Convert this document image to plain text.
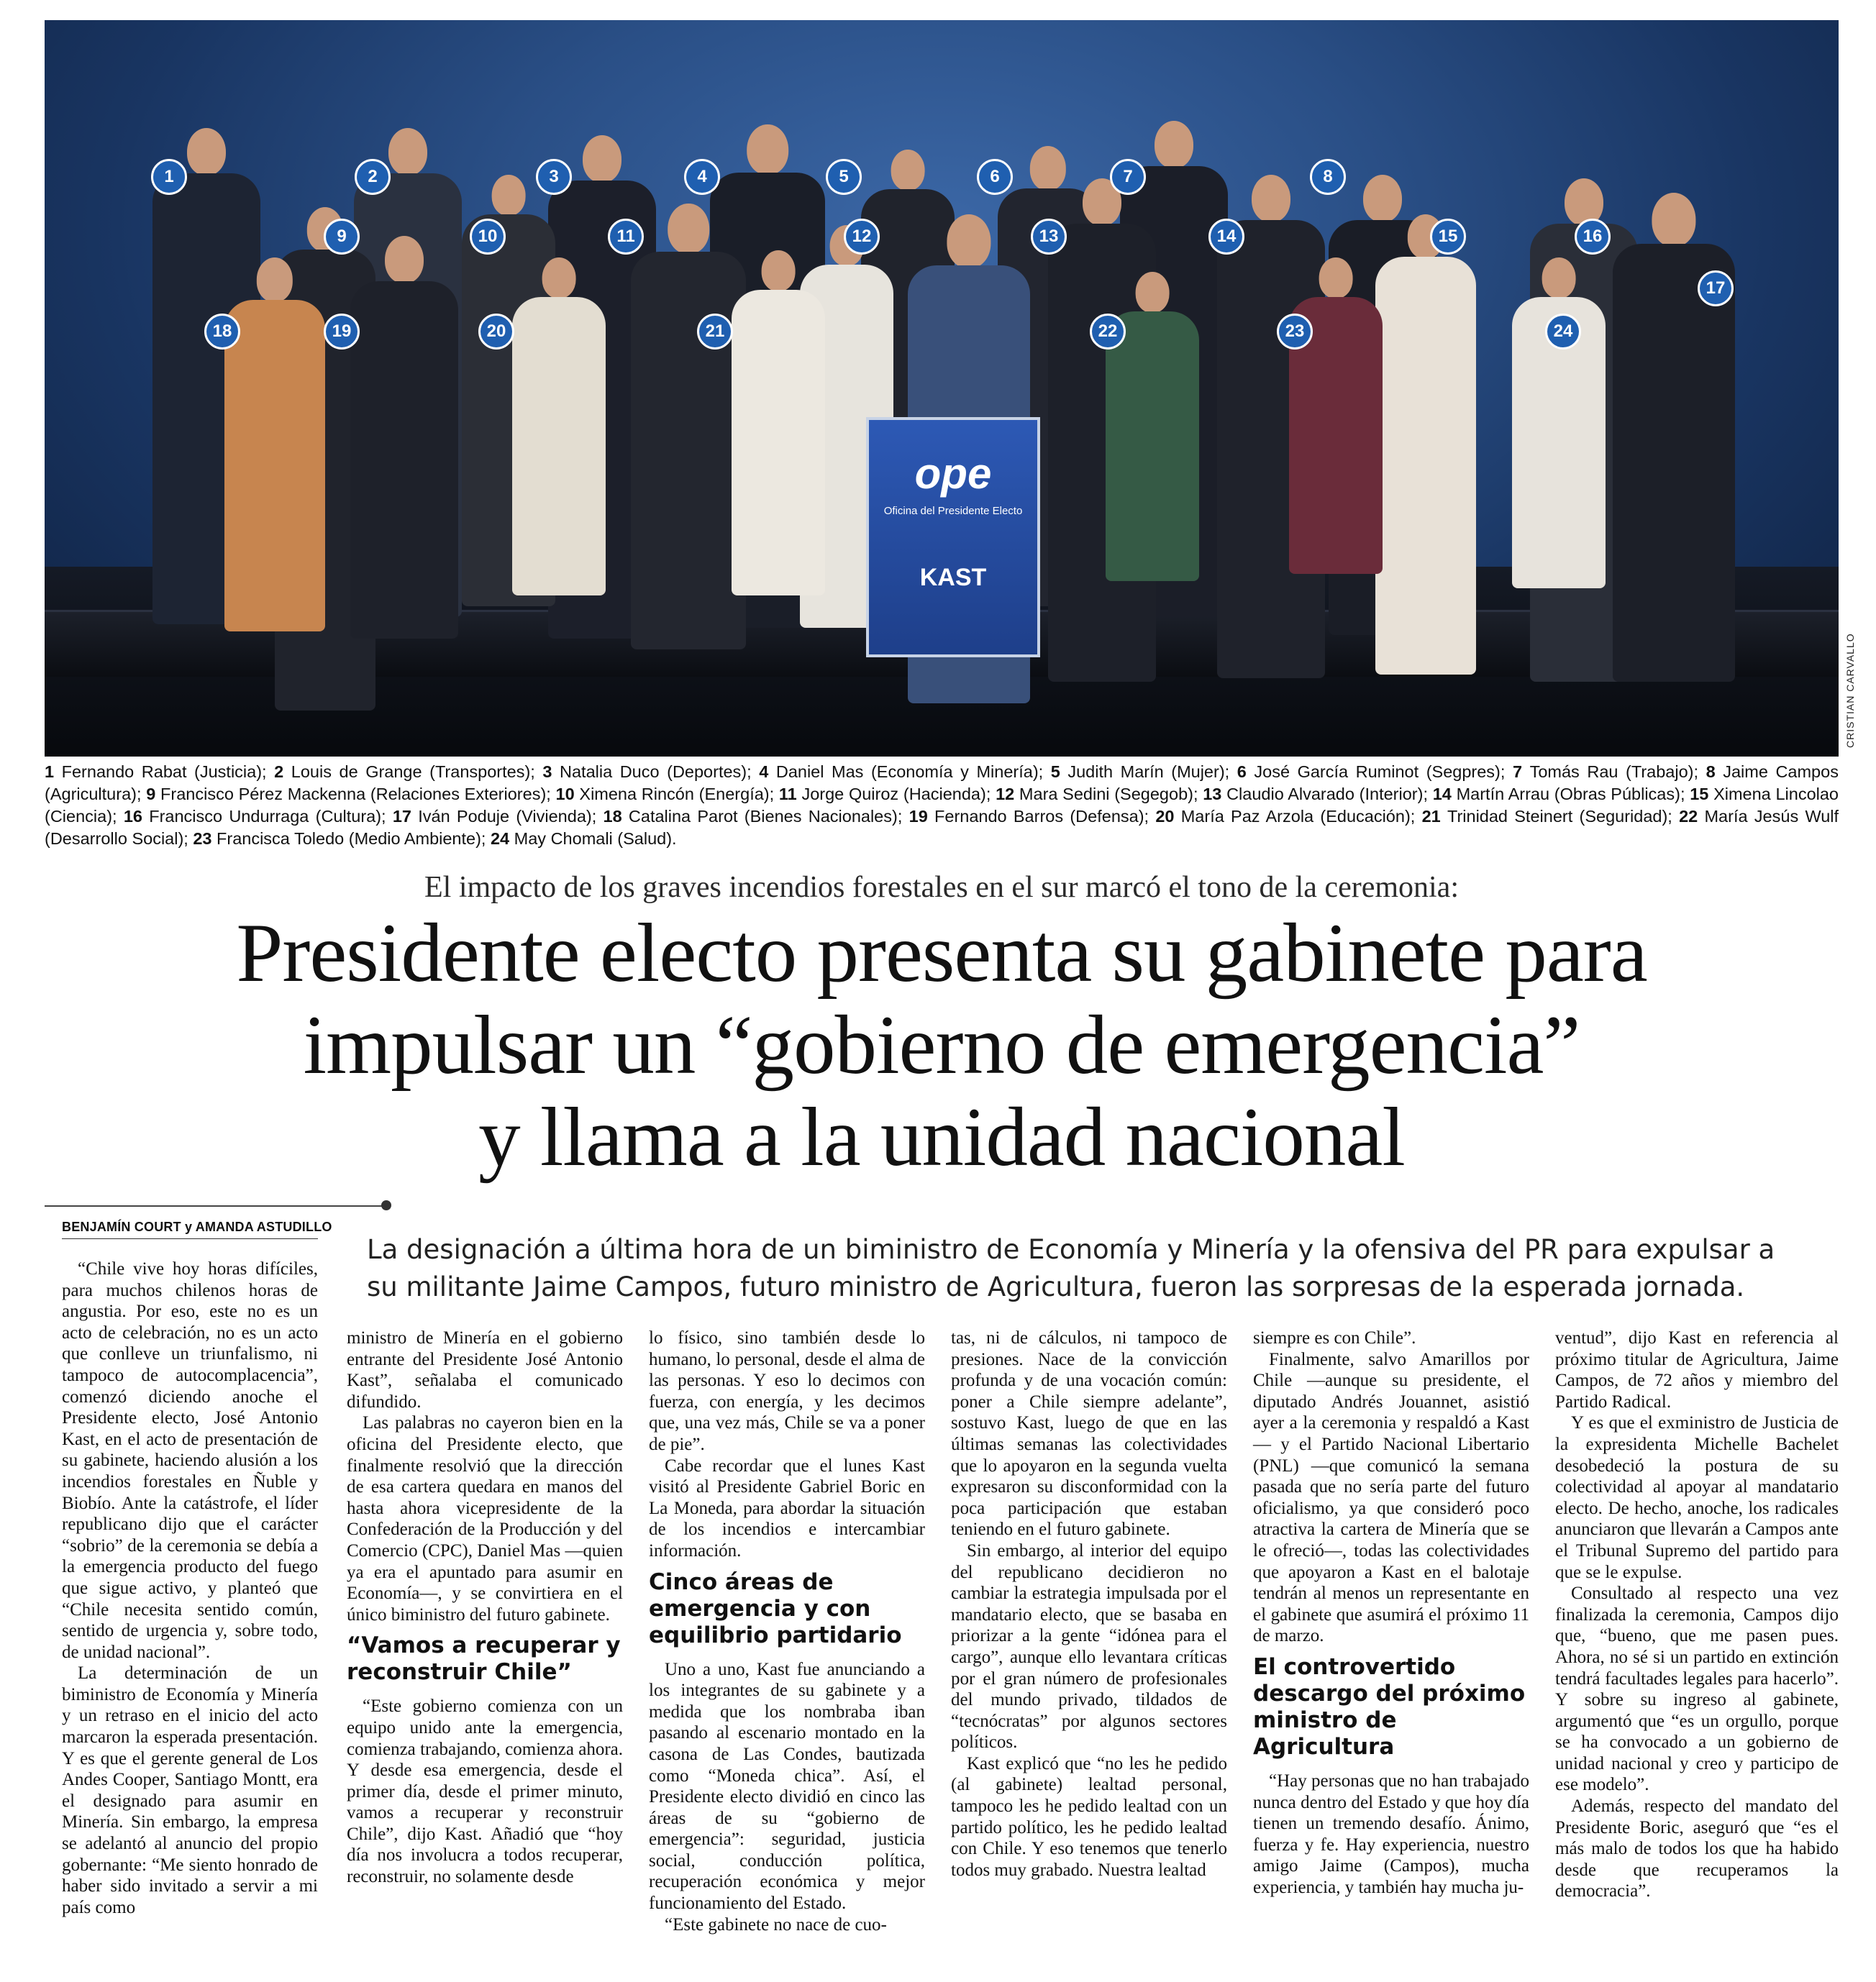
ope
Oficina del Presidente Electo
KAST
1	2	3	4	5	6	7	8
9	10	11	12	13	14	15	16
17
18	19	20	21	22	23	24
CRISTIAN CARVALLO
1 Fernando Rabat (Justicia); 2 Louis de Grange (Transportes); 3 Natalia Duco (Deportes); 4 Daniel Mas (Economía y Minería); 5 Judith Marín (Mujer); 6 José García Ruminot (Segpres); 7 Tomás Rau (Trabajo); 8 Jaime Campos (Agricultura); 9 Francisco Pérez Mackenna (Relaciones Exteriores); 10 Ximena Rincón (Energía); 11 Jorge Quiroz (Hacienda); 12 Mara Sedini (Segegob); 13 Claudio Alvarado (Interior); 14 Martín Arrau (Obras Públicas); 15 Ximena Lincolao (Ciencia); 16 Francisco Undurraga (Cultura); 17 Iván Poduje (Vivienda); 18 Catalina Parot (Bienes Nacionales); 19 Fernando Barros (Defensa); 20 María Paz Arzola (Educación); 21 Trinidad Steinert (Seguridad); 22 María Jesús Wulf (Desarrollo Social); 23 Francisca Toledo (Medio Ambiente); 24 May Chomali (Salud).
El impacto de los graves incendios forestales en el sur marcó el tono de la ceremonia:
Presidente electo presenta su gabinete para
impulsar un “gobierno de emergencia”
y llama a la unidad nacional
BENJAMÍN COURT y AMANDA ASTUDILLO
La designación a última hora de un biministro de Economía y Minería y la ofensiva del PR para expulsar a su militante Jaime Campos, futuro ministro de Agricultura, fueron las sorpresas de la esperada jornada.

“Chile vive hoy horas difíciles, para muchos chilenos horas de angustia. Por eso, este no es un acto de celebración, no es un acto que conlleve un triunfalismo, ni tampoco de autocomplacencia”, comenzó diciendo anoche el Presidente electo, José Antonio Kast, en el acto de presentación de su gabinete, haciendo alusión a los incendios forestales en Ñuble y Biobío. Ante la catástrofe, el líder republicano dijo que el carácter “sobrio” de la ceremonia se debía a la emergencia producto del fuego que sigue activo, y planteó que “Chile necesita sentido común, sentido de urgencia y, sobre todo, de unidad nacional”.

La determinación de un biministro de Economía y Minería y un retraso en el inicio del acto marcaron la esperada presentación. Y es que el gerente general de Los Andes Cooper, Santiago Montt, era el designado para asumir en Minería. Sin embargo, la empresa se adelantó al anuncio del propio gobernante: “Me siento honrado de haber sido invitado a servir a mi país como

ministro de Minería en el gobierno entrante del Presidente José Antonio Kast”, señalaba el comunicado difundido.

Las palabras no cayeron bien en la oficina del Presidente electo, que finalmente resolvió que la dirección de esa cartera quedara en manos del hasta ahora vicepresidente de la Confederación de la Producción y del Comercio (CPC), Daniel Mas —quien ya era el apuntado para asumir en Economía—, y se convirtiera en el único biministro del futuro gabinete.

“Vamos a recuperar y reconstruir Chile”

“Este gobierno comienza con un equipo unido ante la emergencia, comienza trabajando, comienza ahora. Y desde esa emergencia, desde el primer día, desde el primer minuto, vamos a recuperar y reconstruir Chile”, dijo Kast. Añadió que “hoy día nos involucra a todos recuperar, reconstruir, no solamente desde

lo físico, sino también desde lo humano, lo personal, desde el alma de las personas. Y eso lo decimos con fuerza, con energía, y les decimos que, una vez más, Chile se va a poner de pie”.

Cabe recordar que el lunes Kast visitó al Presidente Gabriel Boric en La Moneda, para abordar la situación de los incendios e intercambiar información.

Cinco áreas de emergencia y con equilibrio partidario

Uno a uno, Kast fue anunciando a los integrantes de su gabinete y a medida que los nombraba iban pasando al escenario montado en la casona de Las Condes, bautizada como “Moneda chica”. Así, el Presidente electo dividió en cinco las áreas de su “gobierno de emergencia”: seguridad, justicia social, conducción política, recuperación económica y mejor funcionamiento del Estado.

“Este gabinete no nace de cuo-

tas, ni de cálculos, ni tampoco de presiones. Nace de la convicción profunda y de una vocación común: poner a Chile siempre adelante”, sostuvo Kast, luego de que en las últimas semanas las colectividades que lo apoyaron en la segunda vuelta expresaron su disconformidad con la poca participación que estaban teniendo en el futuro gabinete.

Sin embargo, al interior del equipo del republicano decidieron no cambiar la estrategia impulsada por el mandatario electo, que se basaba en priorizar a la gente “idónea para el cargo”, aunque ello levantara críticas por el gran número de profesionales del mundo privado, tildados de “tecnócratas” por algunos sectores políticos.

Kast explicó que “no les he pedido (al gabinete) lealtad personal, tampoco les he pedido lealtad con un partido político, les he pedido lealtad con Chile. Y eso tenemos que tenerlo todos muy grabado. Nuestra lealtad

siempre es con Chile”.

Finalmente, salvo Amarillos por Chile —aunque su presidente, el diputado Andrés Jouannet, asistió ayer a la ceremonia y respaldó a Kast— y el Partido Nacional Libertario (PNL) —que comunicó la semana pasada que no sería parte del futuro oficialismo, ya que consideró poco atractiva la cartera de Minería que se le ofreció—, todas las colectividades que apoyaron a Kast en el balotaje tendrán al menos un representante en el gabinete que asumirá el próximo 11 de marzo.

El controvertido descargo del próximo ministro de Agricultura

“Hay personas que no han trabajado nunca dentro del Estado y que hoy día tienen un tremendo desafío. Ánimo, fuerza y fe. Hay experiencia, nuestro amigo Jaime (Campos), mucha experiencia, y también hay mucha ju-

ventud”, dijo Kast en referencia al próximo titular de Agricultura, Jaime Campos, de 72 años y miembro del Partido Radical.

Y es que el exministro de Justicia de la expresidenta Michelle Bachelet desobedeció la postura de su colectividad al apoyar al mandatario electo. De hecho, anoche, los radicales anunciaron que llevarán a Campos ante el Tribunal Supremo del partido para que se le expulse.

Consultado al respecto una vez finalizada la ceremonia, Campos dijo que, “bueno, que me pasen pues. Ahora, no sé si un partido en extinción tendrá facultades legales para hacerlo”. Y sobre su ingreso al gabinete, argumentó que “es un orgullo, porque se ha convocado a un gobierno de unidad nacional y creo y participo de ese modelo”.

Además, respecto del mandato del Presidente Boric, aseguró que “es el más malo de todos los que ha habido desde que recuperamos la democracia”.
